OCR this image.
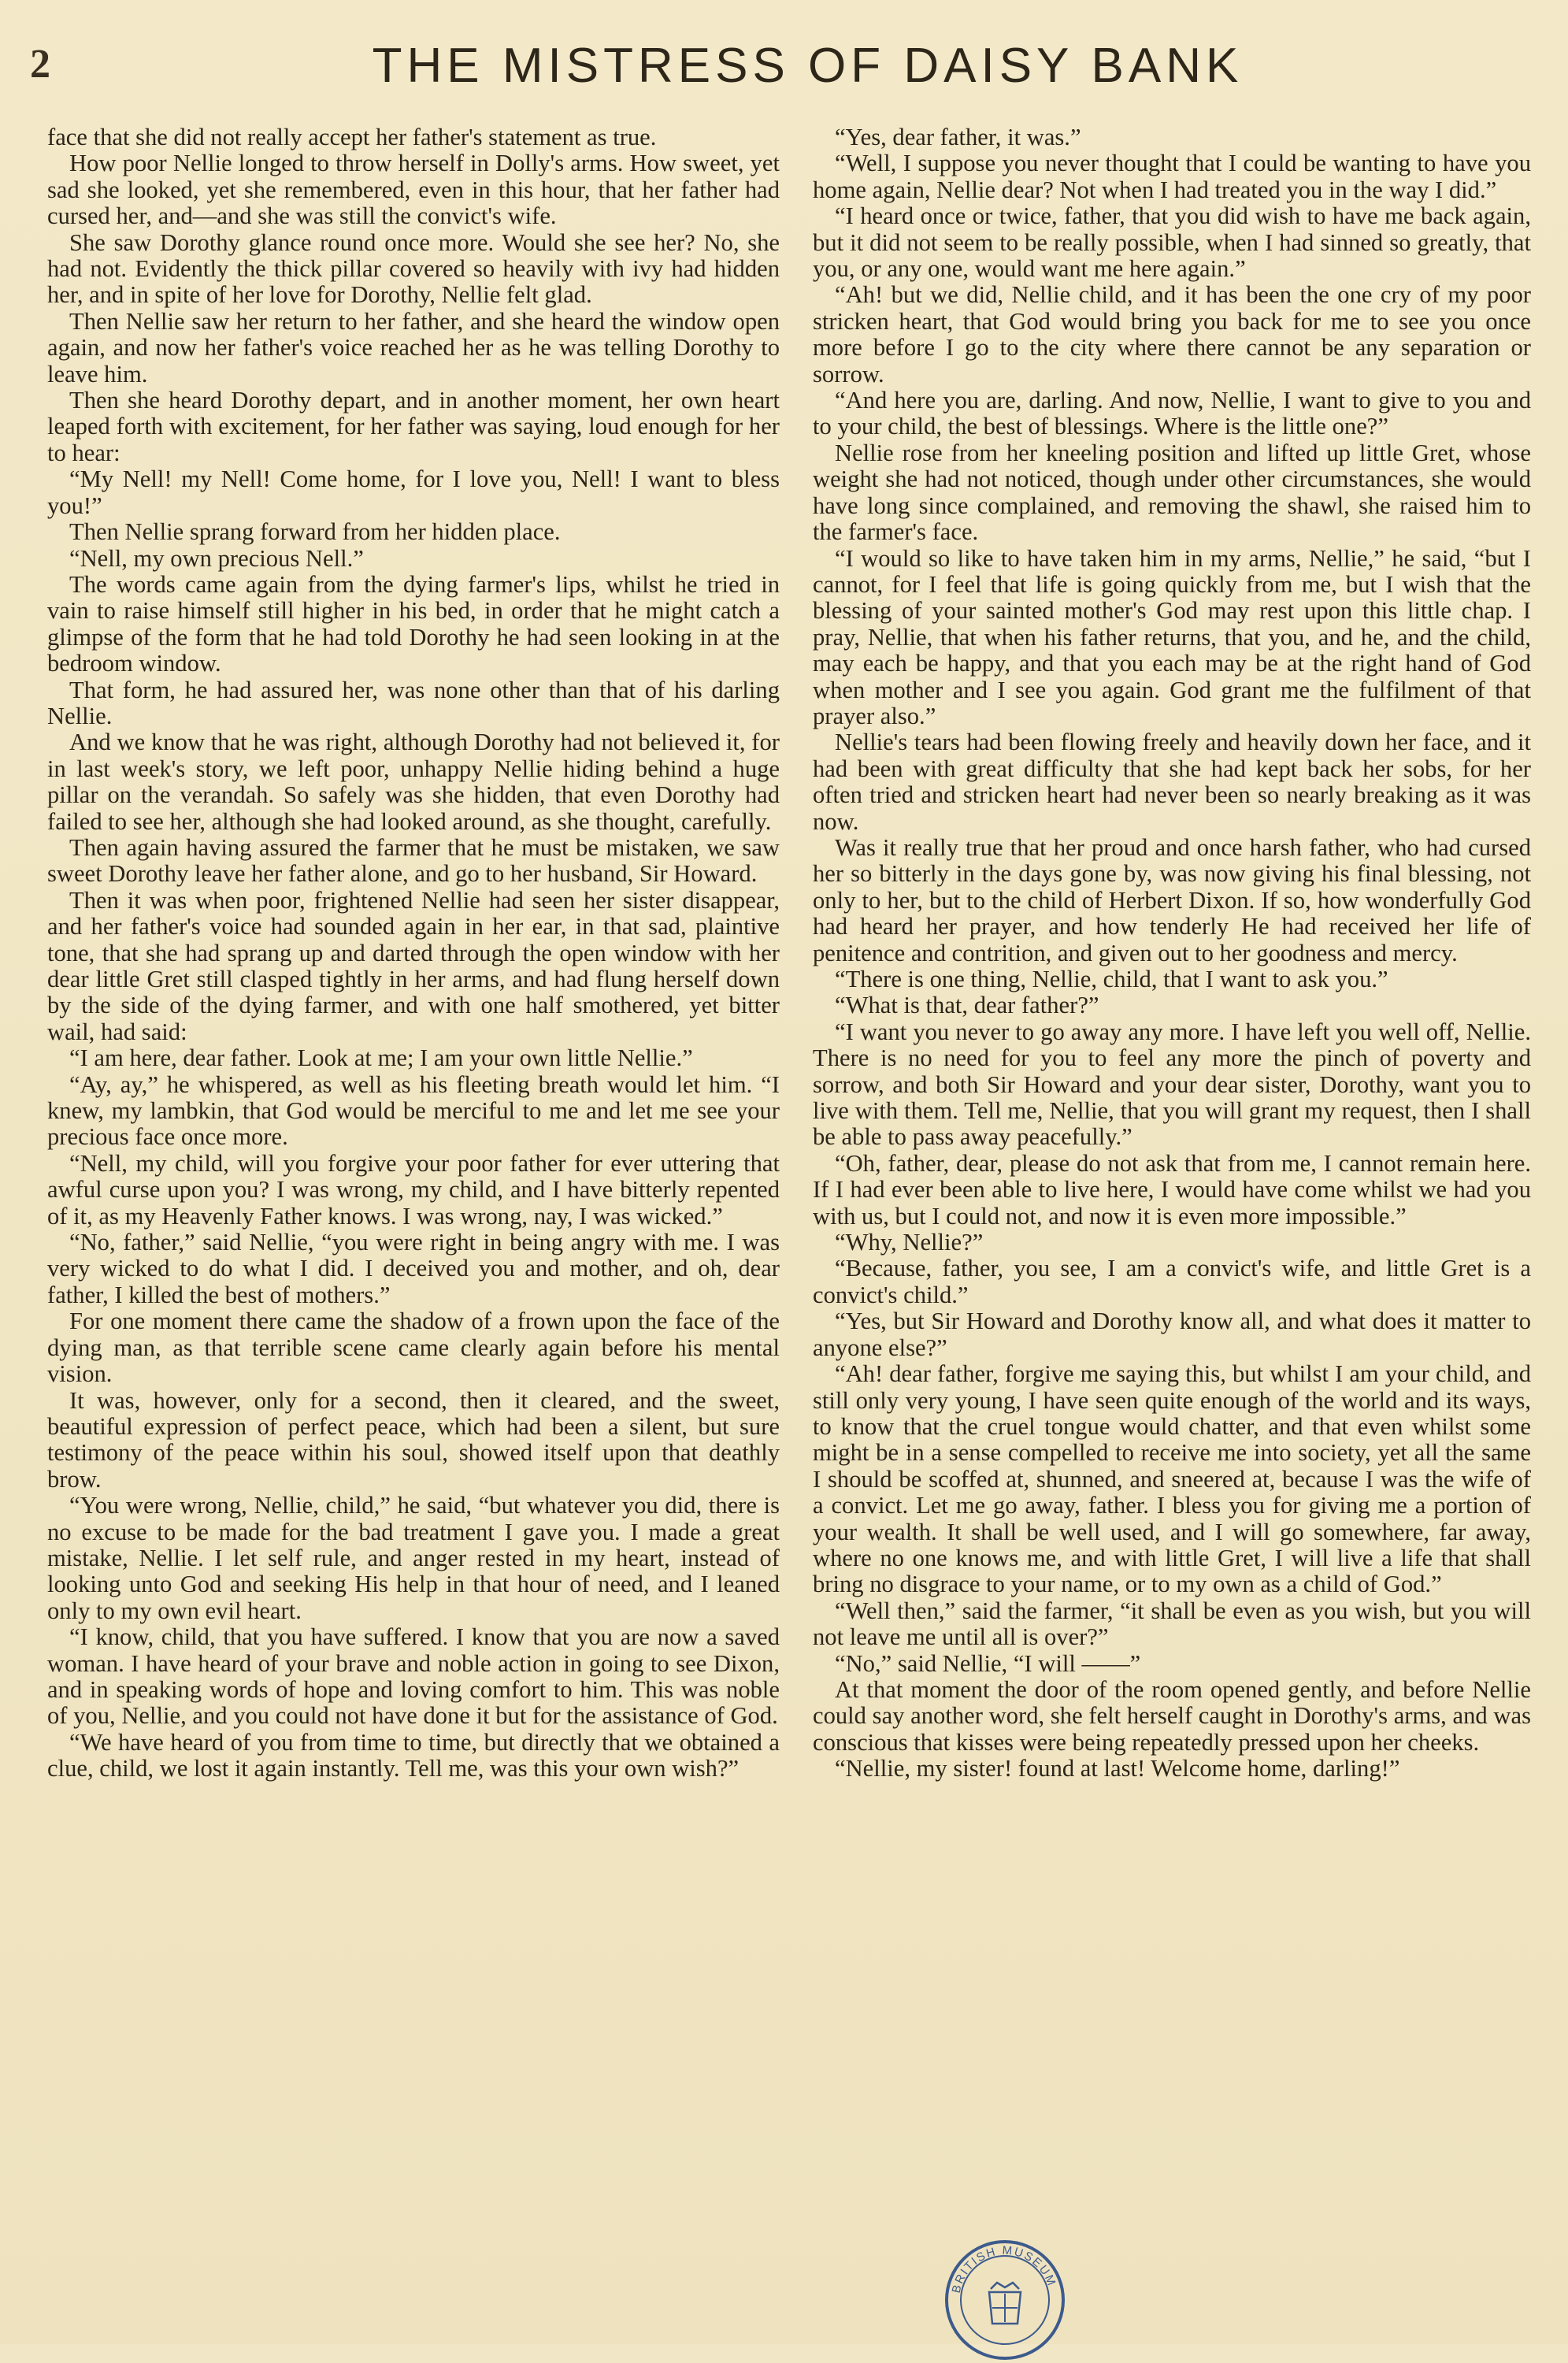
2	THE MISTRESS OF DAISY BANK

face that she did not really accept her father's statement as true.

How poor Nellie longed to throw herself in Dolly's arms. How sweet, yet sad she looked, yet she remembered, even in this hour, that her father had cursed her, and—and she was still the convict's wife.

She saw Dorothy glance round once more. Would she see her? No, she had not. Evidently the thick pillar covered so heavily with ivy had hidden her, and in spite of her love for Dorothy, Nellie felt glad.

Then Nellie saw her return to her father, and she heard the window open again, and now her father's voice reached her as he was telling Dorothy to leave him.

Then she heard Dorothy depart, and in another moment, her own heart leaped forth with excitement, for her father was saying, loud enough for her to hear:

“My Nell! my Nell! Come home, for I love you, Nell! I want to bless you!”

Then Nellie sprang forward from her hidden place.

“Nell, my own precious Nell.”

The words came again from the dying farmer's lips, whilst he tried in vain to raise himself still higher in his bed, in order that he might catch a glimpse of the form that he had told Dorothy he had seen looking in at the bedroom window.

That form, he had assured her, was none other than that of his darling Nellie.

And we know that he was right, although Dorothy had not believed it, for in last week's story, we left poor, unhappy Nellie hiding behind a huge pillar on the verandah. So safely was she hidden, that even Dorothy had failed to see her, although she had looked around, as she thought, carefully.

Then again having assured the farmer that he must be mistaken, we saw sweet Dorothy leave her father alone, and go to her husband, Sir Howard.

Then it was when poor, frightened Nellie had seen her sister disappear, and her father's voice had sounded again in her ear, in that sad, plaintive tone, that she had sprang up and darted through the open window with her dear little Gret still clasped tightly in her arms, and had flung herself down by the side of the dying farmer, and with one half smothered, yet bitter wail, had said:

“I am here, dear father. Look at me; I am your own little Nellie.”

“Ay, ay,” he whispered, as well as his fleeting breath would let him. “I knew, my lambkin, that God would be merciful to me and let me see your precious face once more.

“Nell, my child, will you forgive your poor father for ever uttering that awful curse upon you? I was wrong, my child, and I have bitterly repented of it, as my Heavenly Father knows. I was wrong, nay, I was wicked.”

“No, father,” said Nellie, “you were right in being angry with me. I was very wicked to do what I did. I deceived you and mother, and oh, dear father, I killed the best of mothers.”

For one moment there came the shadow of a frown upon the face of the dying man, as that terrible scene came clearly again before his mental vision.

It was, however, only for a second, then it cleared, and the sweet, beautiful expression of perfect peace, which had been a silent, but sure testimony of the peace within his soul, showed itself upon that deathly brow.

“You were wrong, Nellie, child,” he said, “but whatever you did, there is no excuse to be made for the bad treatment I gave you. I made a great mistake, Nellie. I let self rule, and anger rested in my heart, instead of looking unto God and seeking His help in that hour of need, and I leaned only to my own evil heart.

“I know, child, that you have suffered. I know that you are now a saved woman. I have heard of your brave and noble action in going to see Dixon, and in speaking words of hope and loving comfort to him. This was noble of you, Nellie, and you could not have done it but for the assistance of God.

“We have heard of you from time to time, but directly that we obtained a clue, child, we lost it again instantly. Tell me, was this your own wish?”

“Yes, dear father, it was.”

“Well, I suppose you never thought that I could be wanting to have you home again, Nellie dear? Not when I had treated you in the way I did.”

“I heard once or twice, father, that you did wish to have me back again, but it did not seem to be really possible, when I had sinned so greatly, that you, or any one, would want me here again.”

“Ah! but we did, Nellie child, and it has been the one cry of my poor stricken heart, that God would bring you back for me to see you once more before I go to the city where there cannot be any separation or sorrow.

“And here you are, darling. And now, Nellie, I want to give to you and to your child, the best of blessings. Where is the little one?”

Nellie rose from her kneeling position and lifted up little Gret, whose weight she had not noticed, though under other circumstances, she would have long since complained, and removing the shawl, she raised him to the farmer's face.

“I would so like to have taken him in my arms, Nellie,” he said, “but I cannot, for I feel that life is going quickly from me, but I wish that the blessing of your sainted mother's God may rest upon this little chap. I pray, Nellie, that when his father returns, that you, and he, and the child, may each be happy, and that you each may be at the right hand of God when mother and I see you again. God grant me the fulfilment of that prayer also.”

Nellie's tears had been flowing freely and heavily down her face, and it had been with great difficulty that she had kept back her sobs, for her often tried and stricken heart had never been so nearly breaking as it was now.

Was it really true that her proud and once harsh father, who had cursed her so bitterly in the days gone by, was now giving his final blessing, not only to her, but to the child of Herbert Dixon. If so, how wonderfully God had heard her prayer, and how tenderly He had received her life of penitence and contrition, and given out to her goodness and mercy.

“There is one thing, Nellie, child, that I want to ask you.”

“What is that, dear father?”

“I want you never to go away any more. I have left you well off, Nellie. There is no need for you to feel any more the pinch of poverty and sorrow, and both Sir Howard and your dear sister, Dorothy, want you to live with them. Tell me, Nellie, that you will grant my request, then I shall be able to pass away peacefully.”

“Oh, father, dear, please do not ask that from me, I cannot remain here. If I had ever been able to live here, I would have come whilst we had you with us, but I could not, and now it is even more impossible.”

“Why, Nellie?”

“Because, father, you see, I am a convict's wife, and little Gret is a convict's child.”

“Yes, but Sir Howard and Dorothy know all, and what does it matter to anyone else?”

“Ah! dear father, forgive me saying this, but whilst I am your child, and still only very young, I have seen quite enough of the world and its ways, to know that the cruel tongue would chatter, and that even whilst some might be in a sense compelled to receive me into society, yet all the same I should be scoffed at, shunned, and sneered at, because I was the wife of a convict. Let me go away, father. I bless you for giving me a portion of your wealth. It shall be well used, and I will go somewhere, far away, where no one knows me, and with little Gret, I will live a life that shall bring no disgrace to your name, or to my own as a child of God.”

“Well then,” said the farmer, “it shall be even as you wish, but you will not leave me until all is over?”

“No,” said Nellie, “I will ——”

At that moment the door of the room opened gently, and before Nellie could say another word, she felt herself caught in Dorothy's arms, and was conscious that kisses were being repeatedly pressed upon her cheeks.

“Nellie, my sister! found at last! Welcome home, darling!”

BRITISH MUSEUM
